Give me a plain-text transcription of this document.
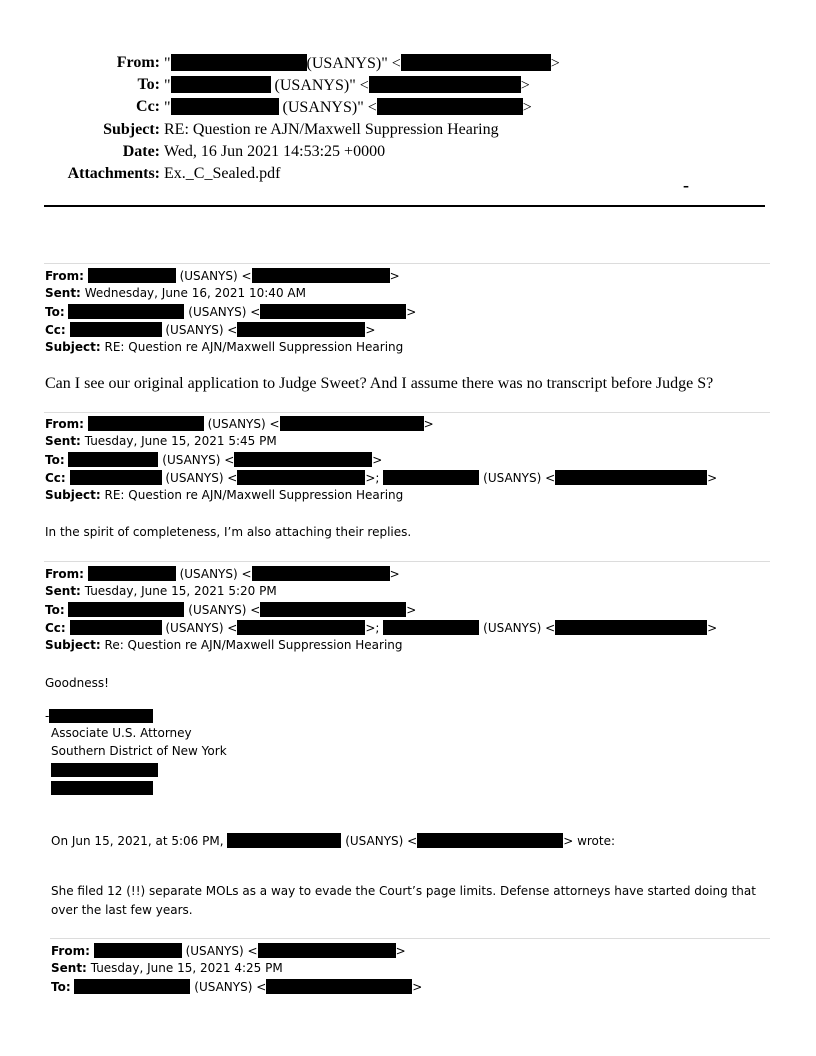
From: "	(USANYS)" <	>
To: "	(USANYS)" <	>
Cc: "	(USANYS)" <	>
Subject: RE: Question re AJN/Maxwell Suppression Hearing
Date: Wed, 16 Jun 2021 14:53:25 +0000
Attachments: Ex._C_Sealed.pdf
-
From:	(USANYS) <	>
Sent: Wednesday, June 16, 2021 10:40 AM
To:	(USANYS) <	>
Cc:	(USANYS) <	>
Subject: RE: Question re AJN/Maxwell Suppression Hearing
Can I see our original application to Judge Sweet? And I assume there was no transcript before Judge S?
From:	(USANYS) <	>
Sent: Tuesday, June 15, 2021 5:45 PM
To:	(USANYS) <	>
Cc:	(USANYS) <	>;	(USANYS) <	>
Subject: RE: Question re AJN/Maxwell Suppression Hearing
In the spirit of completeness, I’m also attaching their replies.
From:	(USANYS) <	>
Sent: Tuesday, June 15, 2021 5:20 PM
To:	(USANYS) <	>
Cc:	(USANYS) <	>;	(USANYS) <	>
Subject: Re: Question re AJN/Maxwell Suppression Hearing
Goodness!
-
Associate U.S. Attorney
Southern District of New York
On Jun 15, 2021, at 5:06 PM,	(USANYS) <	> wrote:
She filed 12 (!!) separate MOLs as a way to evade the Court’s page limits. Defense attorneys have started doing that
over the last few years.
From:	(USANYS) <	>
Sent: Tuesday, June 15, 2021 4:25 PM
To:	(USANYS) <	>
